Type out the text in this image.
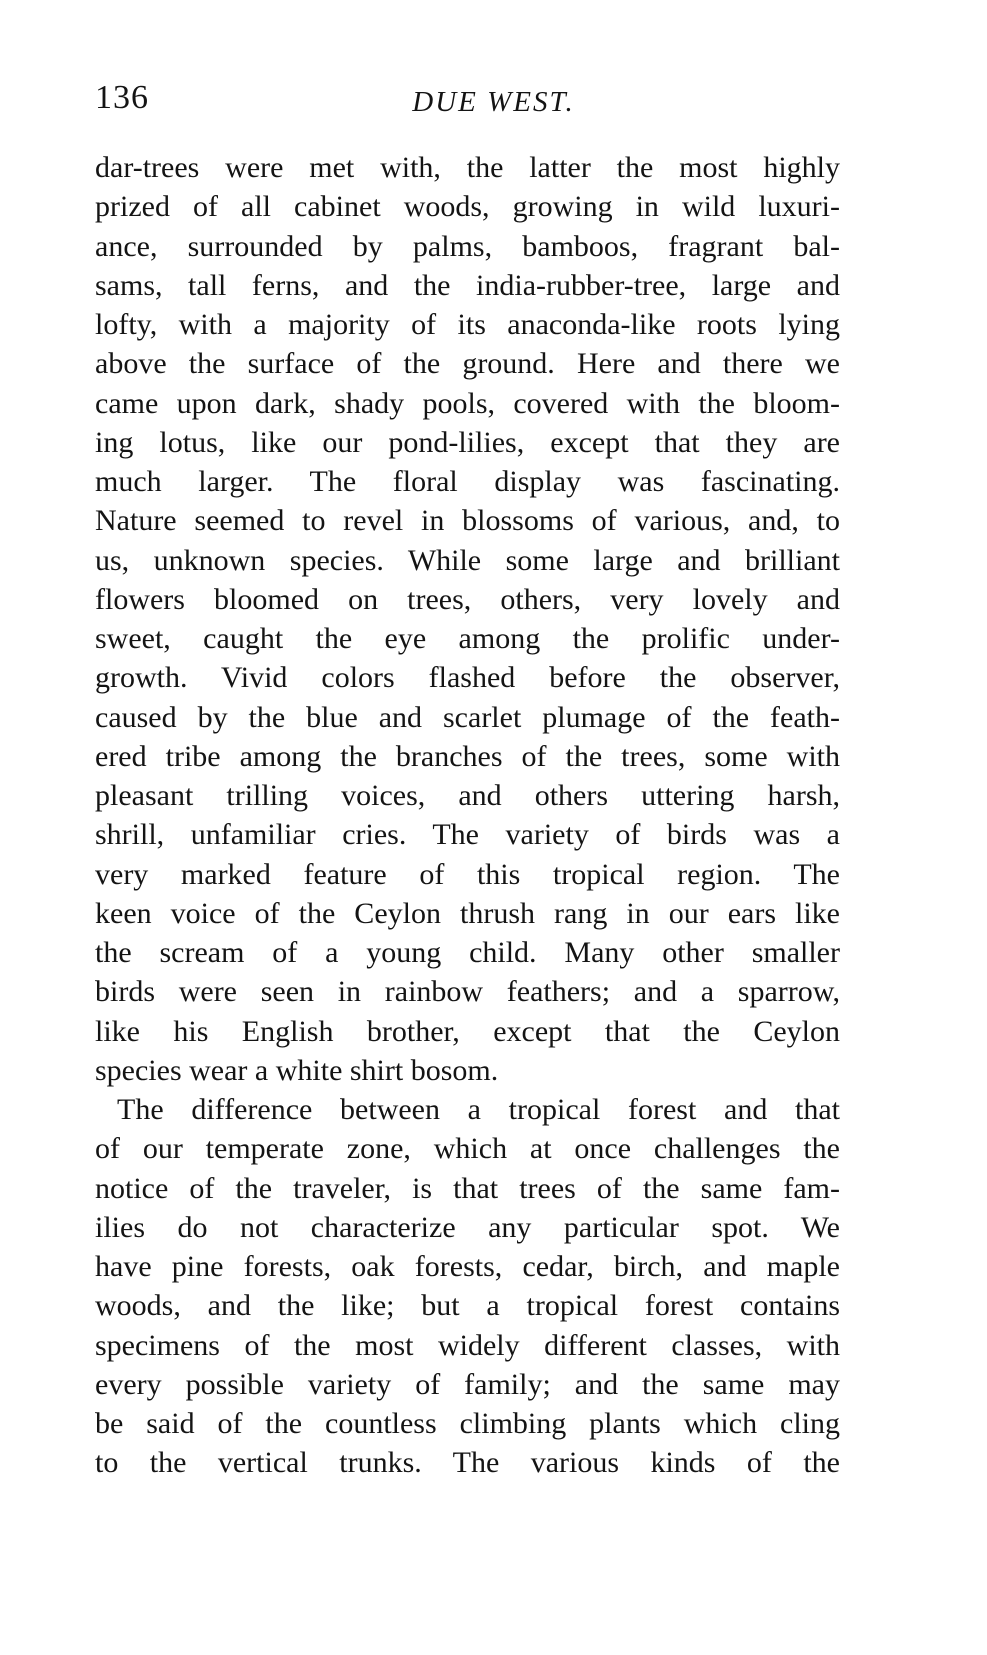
136	DUE WEST.
dar-trees were met with, the latter the most highly
prized of all cabinet woods, growing in wild luxuri-
ance, surrounded by palms, bamboos, fragrant bal-
sams, tall ferns, and the india-rubber-tree, large and
lofty, with a majority of its anaconda-like roots lying
above the surface of the ground. Here and there we
came upon dark, shady pools, covered with the bloom-
ing lotus, like our pond-lilies, except that they are
much larger. The floral display was fascinating.
Nature seemed to revel in blossoms of various, and, to
us, unknown species. While some large and brilliant
flowers bloomed on trees, others, very lovely and
sweet, caught the eye among the prolific under-
growth. Vivid colors flashed before the observer,
caused by the blue and scarlet plumage of the feath-
ered tribe among the branches of the trees, some with
pleasant trilling voices, and others uttering harsh,
shrill, unfamiliar cries. The variety of birds was a
very marked feature of this tropical region. The
keen voice of the Ceylon thrush rang in our ears like
the scream of a young child. Many other smaller
birds were seen in rainbow feathers; and a sparrow,
like his English brother, except that the Ceylon
species wear a white shirt bosom.
The difference between a tropical forest and that
of our temperate zone, which at once challenges the
notice of the traveler, is that trees of the same fam-
ilies do not characterize any particular spot. We
have pine forests, oak forests, cedar, birch, and maple
woods, and the like; but a tropical forest contains
specimens of the most widely different classes, with
every possible variety of family; and the same may
be said of the countless climbing plants which cling
to the vertical trunks. The various kinds of the
